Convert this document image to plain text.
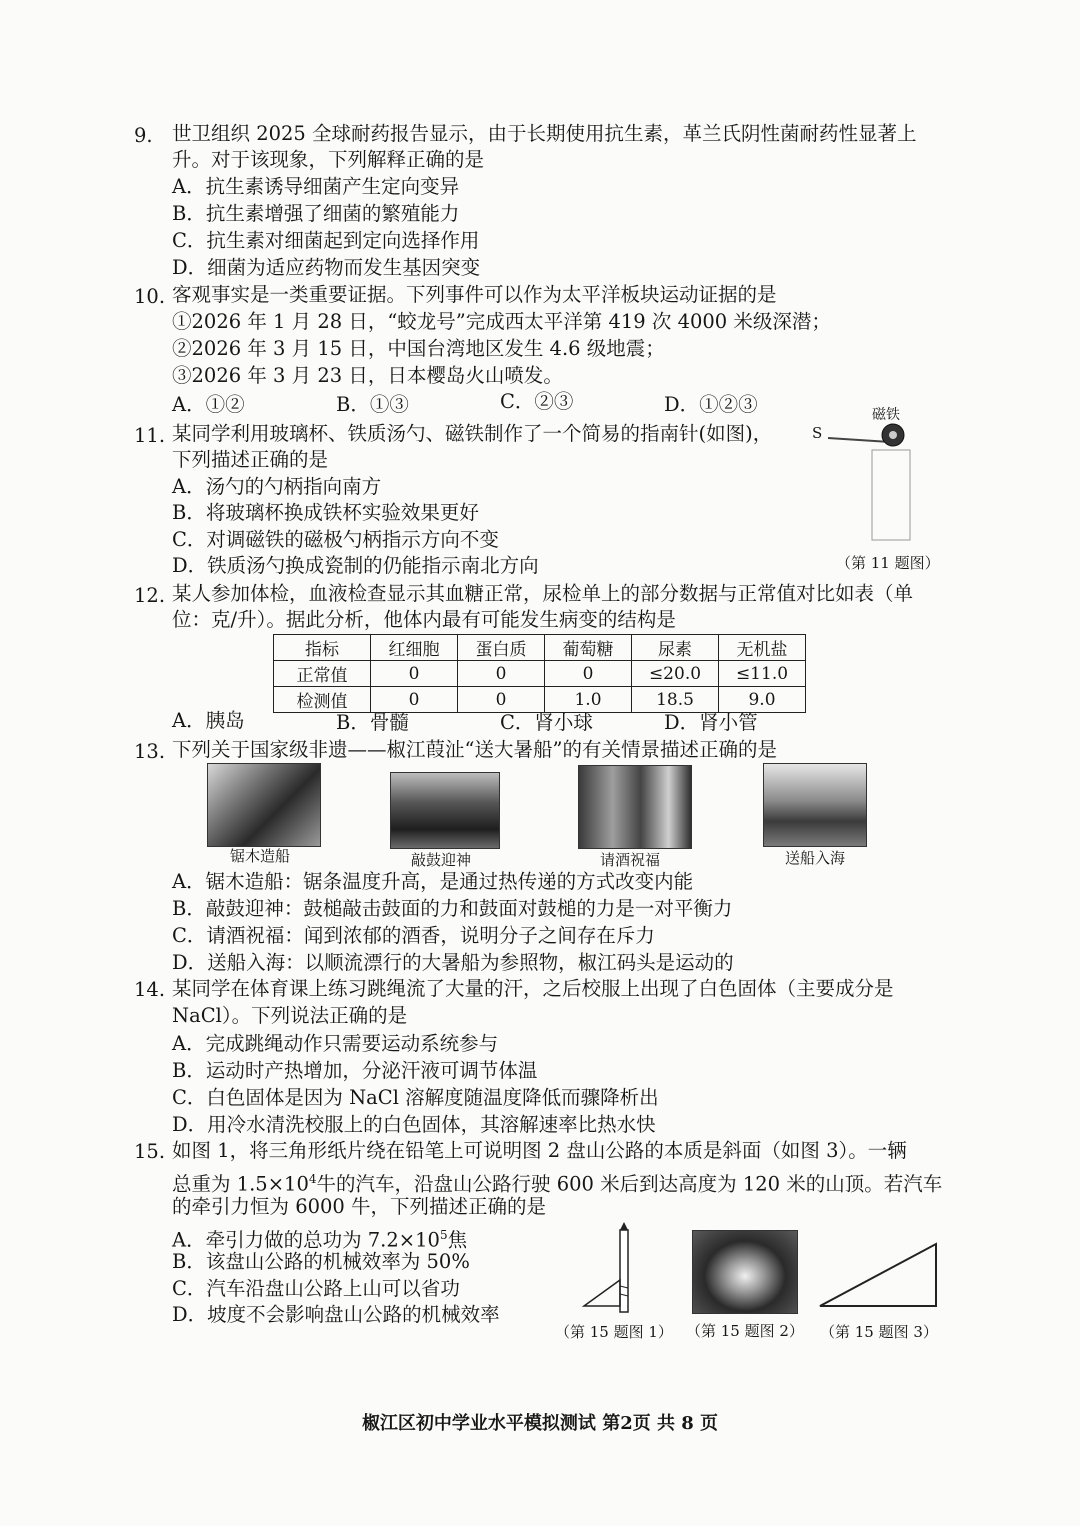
9. 世卫组织 2025 全球耐药报告显示，由于长期使用抗生素，革兰氏阴性菌耐药性显著上
升。对于该现象，下列解释正确的是
A．抗生素诱导细菌产生定向变异
B．抗生素增强了细菌的繁殖能力
C．抗生素对细菌起到定向选择作用
D．细菌为适应药物而发生基因突变
10. 客观事实是一类重要证据。下列事件可以作为太平洋板块运动证据的是
①2026 年 1 月 28 日，“蛟龙号”完成西太平洋第 419 次 4000 米级深潜；
②2026 年 3 月 15 日，中国台湾地区发生 4.6 级地震；
③2026 年 3 月 23 日，日本樱岛火山喷发。
A．①②	B．①③	C．②③	D．①②③
11. 某同学利用玻璃杯、铁质汤勺、磁铁制作了一个简易的指南针(如图)，
下列描述正确的是
A．汤勺的勺柄指向南方
B．将玻璃杯换成铁杯实验效果更好
C．对调磁铁的磁极勺柄指示方向不变
D．铁质汤勺换成瓷制的仍能指示南北方向
磁铁
S
（第 11 题图）
12. 某人参加体检，血液检查显示其血糖正常，尿检单上的部分数据与正常值对比如表（单
位：克/升）。据此分析，他体内最有可能发生病变的结构是
指标	红细胞	蛋白质	葡萄糖	尿素	无机盐
正常值	0	0	0	≤20.0	≤11.0
检测值	0	0	1.0	18.5	9.0
A．胰岛	B．骨髓	C．肾小球	D．肾小管
13. 下列关于国家级非遗——椒江葭沚“送大暑船”的有关情景描述正确的是
锯木造船	敲鼓迎神	请酒祝福	送船入海
A．锯木造船：锯条温度升高，是通过热传递的方式改变内能
B．敲鼓迎神：鼓槌敲击鼓面的力和鼓面对鼓槌的力是一对平衡力
C．请酒祝福：闻到浓郁的酒香，说明分子之间存在斥力
D．送船入海：以顺流漂行的大暑船为参照物，椒江码头是运动的
14. 某同学在体育课上练习跳绳流了大量的汗，之后校服上出现了白色固体（主要成分是
NaCl）。下列说法正确的是
A．完成跳绳动作只需要运动系统参与
B．运动时产热增加，分泌汗液可调节体温
C．白色固体是因为 NaCl 溶解度随温度降低而骤降析出
D．用冷水清洗校服上的白色固体，其溶解速率比热水快
15. 如图 1，将三角形纸片绕在铅笔上可说明图 2 盘山公路的本质是斜面（如图 3）。一辆
总重为 $1.5\times 10^4$牛的汽车，沿盘山公路行驶 600 米后到达高度为 120 米的山顶。若汽车
的牵引力恒为 6000 牛，下列描述正确的是
A．牵引力做的总功为 $7.2\times 10^5$焦
B．该盘山公路的机械效率为 50%
C．汽车沿盘山公路上山可以省功
D．坡度不会影响盘山公路的机械效率
（第 15 题图 1） （第 15 题图 2） （第 15 题图 3）
椒江区初中学业水平模拟测试 第2页 共 8 页
